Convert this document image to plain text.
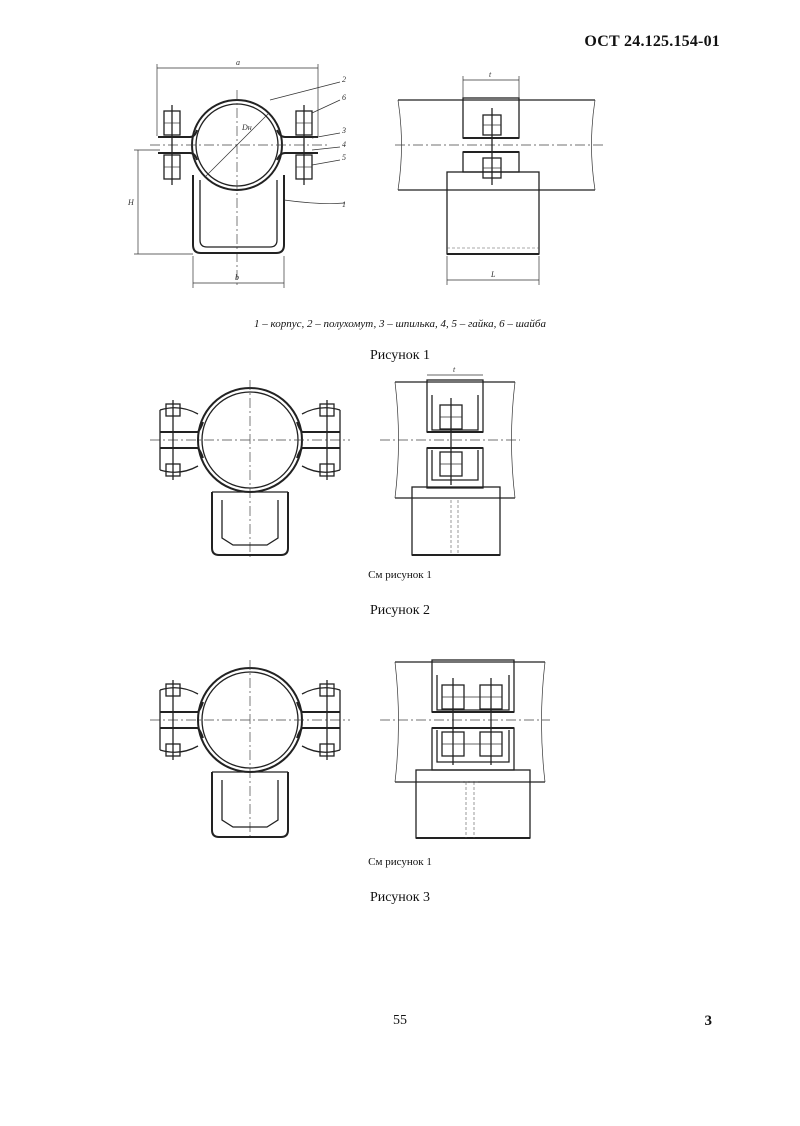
ОСТ 24.125.154-01
a
Dн
H
b
2
6
3
4
5
1
t
L
1 – корпус, 2 – полухомут, 3 – шпилька, 4, 5 – гайка, 6 – шайба
Рисунок 1
t
См рисунок 1
Рисунок 2
См рисунок 1
Рисунок 3
55	3
